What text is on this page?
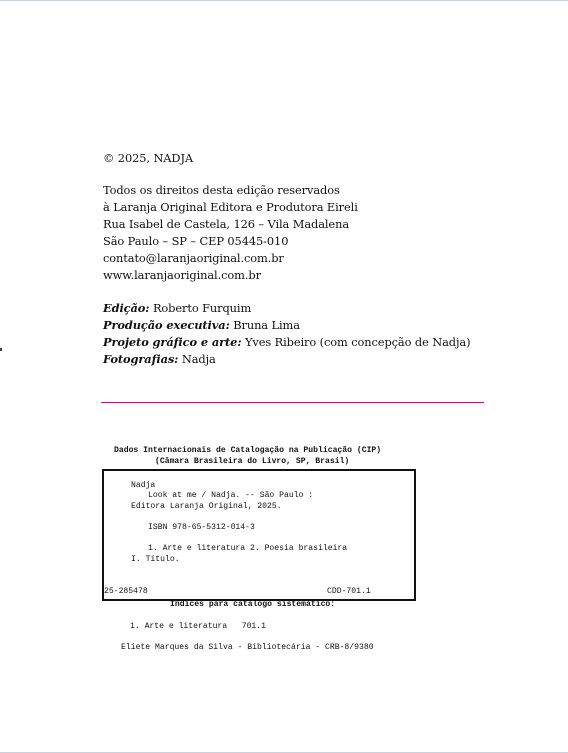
© 2025, NADJA
Todos os direitos desta edição reservados
à Laranja Original Editora e Produtora Eireli
Rua Isabel de Castela, 126 – Vila Madalena
São Paulo – SP – CEP 05445-010
contato@laranjaoriginal.com.br
www.laranjaoriginal.com.br
Edição: Roberto Furquim
Produção executiva: Bruna Lima
Projeto gráfico e arte: Yves Ribeiro (com concepção de Nadja)
Fotografias: Nadja
Dados Internacionais de Catalogação na Publicação (CIP)
(Câmara Brasileira do Livro, SP, Brasil)
Nadja
Look at me / Nadja. -- São Paulo :
Editora Laranja Original, 2025.
ISBN 978-65-5312-014-3
1. Arte e literatura 2. Poesia brasileira
I. Título.
25-285478	CDD-701.1
Índices para catálogo sistemático:
1. Arte e literatura   701.1
Eliete Marques da Silva - Bibliotecária - CRB-8/9380
